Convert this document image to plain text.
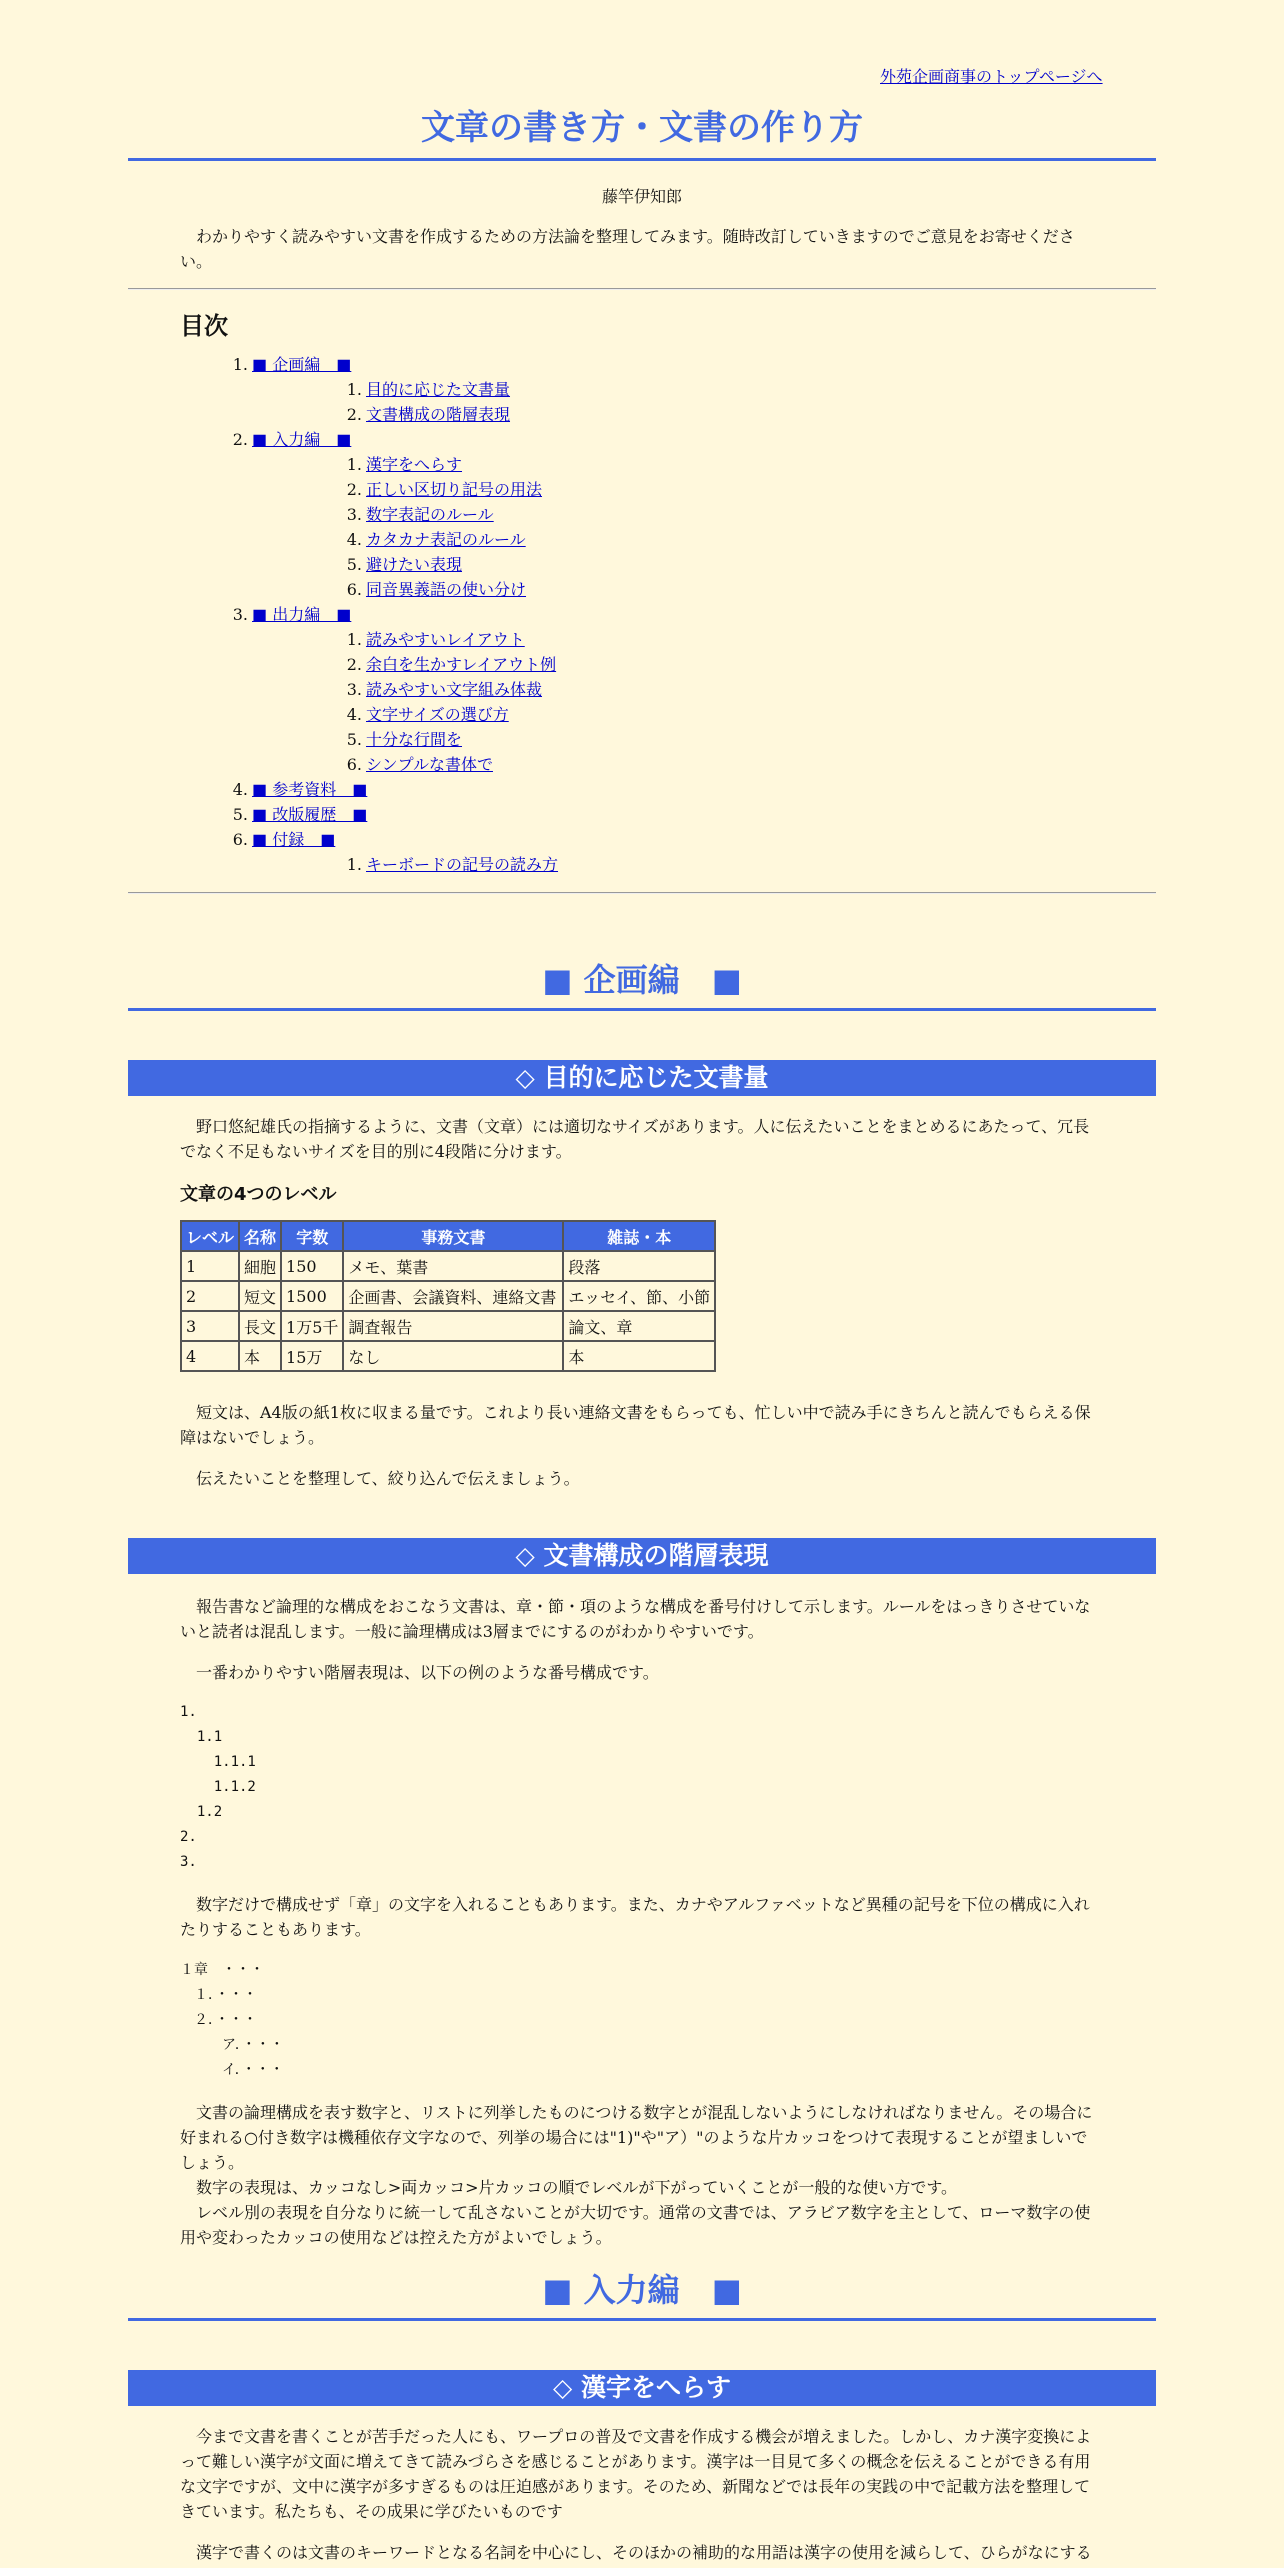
外苑企画商事のトップページへ
文章の書き方・文書の作り方
藤竿伊知郎

わかりやすく読みやすい文書を作成するための方法論を整理してみます。随時改訂していきますのでご意見をお寄せください。

目次
1. ■ 企画編　■
1. 目的に応じた文書量
2. 文書構成の階層表現
2. ■ 入力編　■
1. 漢字をへらす
2. 正しい区切り記号の用法
3. 数字表記のルール
4. カタカナ表記のルール
5. 避けたい表現
6. 同音異義語の使い分け
3. ■ 出力編　■
1. 読みやすいレイアウト
2. 余白を生かすレイアウト例
3. 読みやすい文字組み体裁
4. 文字サイズの選び方
5. 十分な行間を
6. シンプルな書体で
4. ■ 参考資料　■
5. ■ 改版履歴　■
6. ■ 付録　■
1. キーボードの記号の読み方
■ 企画編　■
◇ 目的に応じた文書量

野口悠紀雄氏の指摘するように、文書（文章）には適切なサイズがあります。人に伝えたいことをまとめるにあたって、冗長でなく不足もないサイズを目的別に4段階に分けます。

文章の4つのレベル
レベル	名称	字数	事務文書	雑誌・本
1	細胞	150	メモ、葉書	段落
2	短文	1500	企画書、会議資料、連絡文書	エッセイ、節、小節
3	長文	1万5千	調査報告	論文、章
4	本	15万	なし	本

短文は、A4版の紙1枚に収まる量です。これより長い連絡文書をもらっても、忙しい中で読み手にきちんと読んでもらえる保障はないでしょう。

伝えたいことを整理して、絞り込んで伝えましょう。

◇ 文書構成の階層表現

報告書など論理的な構成をおこなう文書は、章・節・項のような構成を番号付けして示します。ルールをはっきりさせていないと読者は混乱します。一般に論理構成は3層までにするのがわかりやすいです。

一番わかりやすい階層表現は、以下の例のような番号構成です。

1.
1.1
1.1.1
1.1.2
1.2
2.
3.

数字だけで構成せず「章」の文字を入れることもあります。また、カナやアルファベットなど異種の記号を下位の構成に入れたりすることもあります。

１章　・・・
　１．・・・
　２．・・・
　　　ア．・・・
　　　イ．・・・

文書の論理構成を表す数字と、リストに列挙したものにつける数字とが混乱しないようにしなければなりません。その場合に好まれる○付き数字は機種依存文字なので、列挙の場合には"1)"や"ア）"のような片カッコをつけて表現することが望ましいでしょう。

数字の表現は、カッコなし>両カッコ>片カッコの順でレベルが下がっていくことが一般的な使い方です。

レベル別の表現を自分なりに統一して乱さないことが大切です。通常の文書では、アラビア数字を主として、ローマ数字の使用や変わったカッコの使用などは控えた方がよいでしょう。

■ 入力編　■
◇ 漢字をへらす

今まで文書を書くことが苦手だった人にも、ワープロの普及で文書を作成する機会が増えました。しかし、カナ漢字変換によって難しい漢字が文面に増えてきて読みづらさを感じることがあります。漢字は一目見て多くの概念を伝えることができる有用な文字ですが、文中に漢字が多すぎるものは圧迫感があります。そのため、新聞などでは長年の実践の中で記載方法を整理してきています。私たちも、その成果に学びたいものです

漢字で書くのは文書のキーワードとなる名詞を中心にし、そのほかの補助的な用語は漢字の使用を減らして、ひらがなにする
